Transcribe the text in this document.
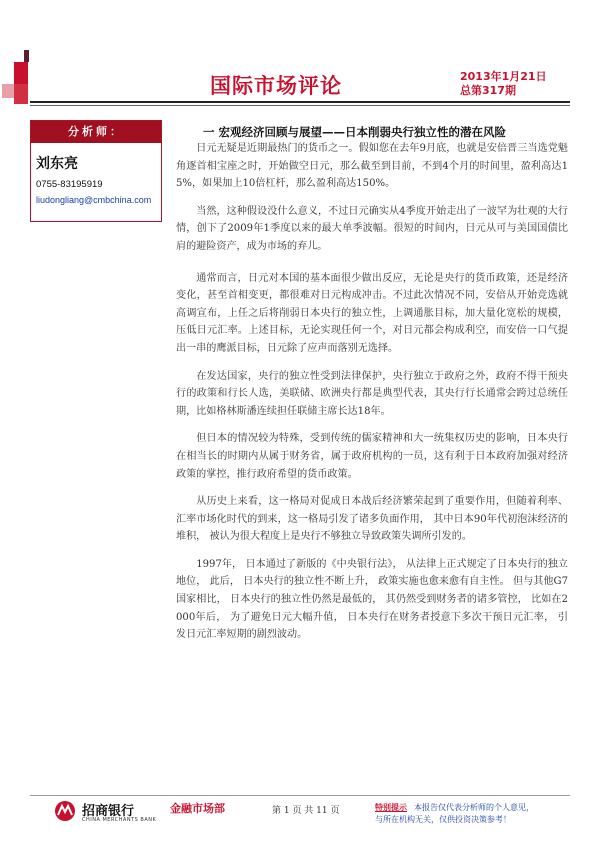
国际市场评论	2013年1月21日
总第317期
分析师：
刘东亮
0755-83195919
liudongliang@cmbchina.com
一 宏观经济回顾与展望——日本削弱央行独立性的潜在风险

日元无疑是近期最热门的货币之一。假如您在去年9月底，也就是安倍晋三当选党魁角逐首相宝座之时，开始做空日元，那么截至到目前，不到4个月的时间里，盈利高达15%，如果加上10倍杠杆，那么盈利高达150%。

当然，这种假设没什么意义，不过日元确实从4季度开始走出了一波罕为壮观的大行情，创下了2009年1季度以来的最大单季波幅。很短的时间内，日元从可与美国国债比肩的避险资产，成为市场的弃儿。

通常而言，日元对本国的基本面很少做出反应，无论是央行的货币政策，还是经济变化，甚至首相变更，都很难对日元构成冲击。不过此次情况不同，安倍从开始竞选就高调宣布，上任之后将削弱日本央行的独立性，上调通胀目标，加大量化宽松的规模，压低日元汇率。上述目标，无论实现任何一个，对日元都会构成利空，而安倍一口气提出一串的鹰派目标，日元除了应声而落别无选择。

在发达国家，央行的独立性受到法律保护，央行独立于政府之外，政府不得干预央行的政策和行长人选，美联储、欧洲央行都是典型代表，其央行行长通常会跨过总统任期，比如格林斯潘连续担任联储主席长达18年。

但日本的情况较为特殊，受到传统的儒家精神和大一统集权历史的影响，日本央行在相当长的时期内从属于财务省，属于政府机构的一员，这有利于日本政府加强对经济政策的掌控，推行政府希望的货币政策。

从历史上来看，这一格局对促成日本战后经济繁荣起到了重要作用，但随着利率、汇率市场化时代的到来，这一格局引发了诸多负面作用， 其中日本90年代初泡沫经济的堆积， 被认为很大程度上是央行不够独立导致政策失调所引发的。

1997年， 日本通过了新版的《中央银行法》， 从法律上正式规定了日本央行的独立地位， 此后， 日本央行的独立性不断上升， 政策实施也愈来愈有自主性。 但与其他G7国家相比， 日本央行的独立性仍然是最低的， 其仍然受到财务者的诸多管控， 比如在2000年后， 为了避免日元大幅升值， 日本央行在财务者授意下多次干预日元汇率， 引发日元汇率短期的剧烈波动。

招商银行
CHINA MERCHANTS BANK
金融市场部	第 1 页 共 11 页	特别提示 本报告仅代表分析师的个人意见，
与所在机构无关，仅供投资决策参考！
